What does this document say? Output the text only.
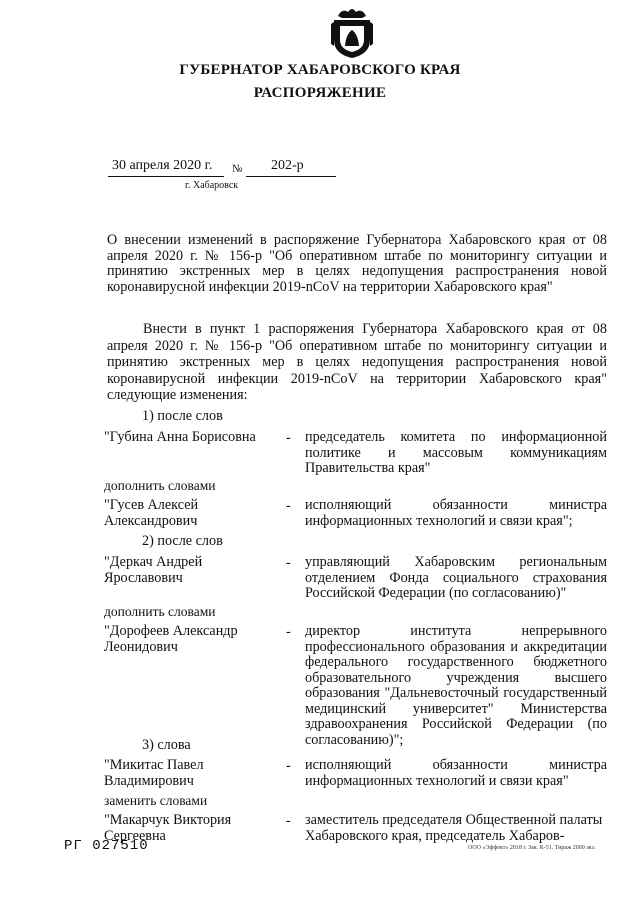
ГУБЕРНАТОР ХАБАРОВСКОГО КРАЯ
РАСПОРЯЖЕНИЕ
30 апреля 2020 г. № 202-р
г. Хабаровск
О внесении изменений в распоряжение Губернатора Хабаровского края от 08 апреля 2020 г. № 156-р "Об оперативном штабе по мониторингу ситуации и принятию экстренных мер в целях недопущения распространения новой коронавирусной инфекции 2019-nCoV на территории Хабаровского края"
Внести в пункт 1 распоряжения Губернатора Хабаровского края от 08 апреля 2020 г. № 156-р "Об оперативном штабе по мониторингу ситуации и принятию экстренных мер в целях недопущения распространения новой коронавирусной инфекции 2019-nCoV на территории Хабаровского края" следующие изменения:
1) после слов
"Губина Анна Борисовна	- председатель комитета по информационной политике и массовым коммуникациям Правительства края"
дополнить словами
"Гусев Алексей Александрович
- исполняющий обязанности министра информационных технологий и связи края";
2) после слов
"Деркач Андрей Ярославович
- управляющий Хабаровским региональным отделением Фонда социального страхования Российской Федерации (по согласованию)"
дополнить словами
"Дорофеев Александр Леонидович
- директор института непрерывного профессионального образования и аккредитации федерального государственного бюджетного образовательного учреждения высшего образования "Дальневосточный государственный медицинский университет" Министерства здравоохранения Российской Федерации (по согласованию)";
3) слова
"Микитас Павел Владимирович
- исполняющий обязанности министра информационных технологий и связи края"
заменить словами
"Макарчук Виктория Сергеевна
- заместитель председателя Общественной палаты Хабаровского края, председатель Хабаров-
РГ 027510	ООО «Эффект» 2018 г. Зак. К-51. Тираж 2000 экз.
